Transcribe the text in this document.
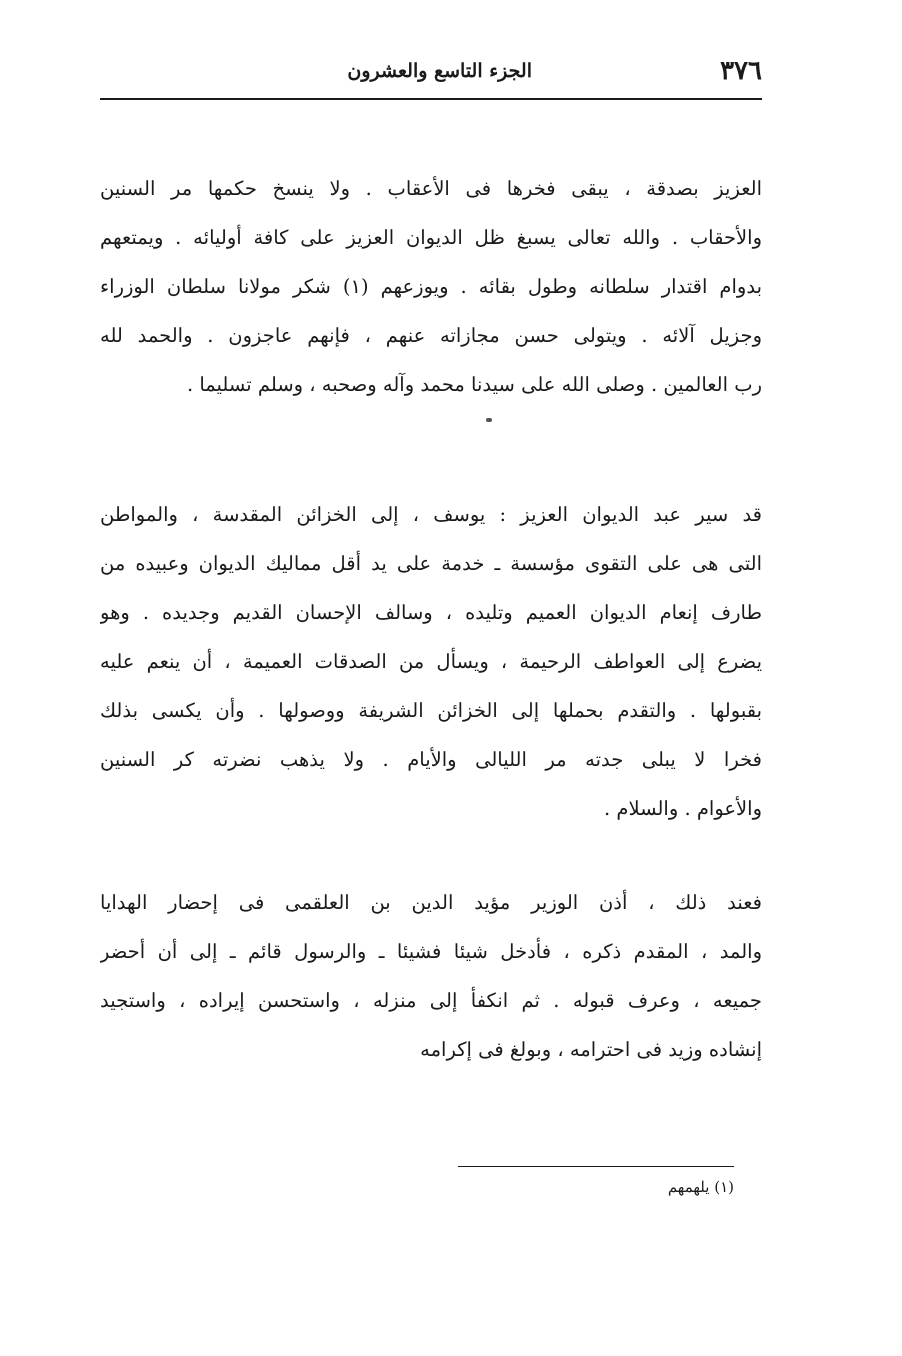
٣٧٦
الجزء التاسع والعشرون
العزيز بصدقة ، يبقى فخرها فى الأعقاب . ولا ينسخ حكمها مر السنين
والأحقاب . والله تعالى يسبغ ظل الديوان العزيز على كافة أوليائه . ويمتعهم
بدوام اقتدار سلطانه وطول بقائه . ويوزعهم (١) شكر مولانا سلطان الوزراء
وجزيل آلائه . ويتولى حسن مجازاته عنهم ، فإنهم عاجزون . والحمد لله
رب العالمين . وصلى الله على سيدنا محمد وآله وصحبه ، وسلم تسليما .
قد سير عبد الديوان العزيز : يوسف ، إلى الخزائن المقدسة ، والمواطن
التى هى على التقوى مؤسسة ـ خدمة على يد أقل مماليك الديوان وعبيده من
طارف إنعام الديوان العميم وتليده ، وسالف الإحسان القديم وجديده . وهو
يضرع إلى العواطف الرحيمة ، ويسأل من الصدقات العميمة ، أن ينعم عليه
بقبولها . والتقدم بحملها إلى الخزائن الشريفة ووصولها . وأن يكسى بذلك
فخرا لا يبلى جدته مر الليالى والأيام . ولا يذهب نضرته كر السنين
والأعوام . والسلام .
فعند ذلك ، أذن الوزير مؤيد الدين بن العلقمى فى إحضار الهدايا
والمد ، المقدم ذكره ، فأدخل شيئا فشيئا ـ والرسول قائم ـ إلى أن أحضر
جميعه ، وعرف قبوله . ثم انكفأ إلى منزله ، واستحسن إيراده ، واستجيد
إنشاده وزيد فى احترامه ، وبولغ فى إكرامه
(١) يلهمهم
